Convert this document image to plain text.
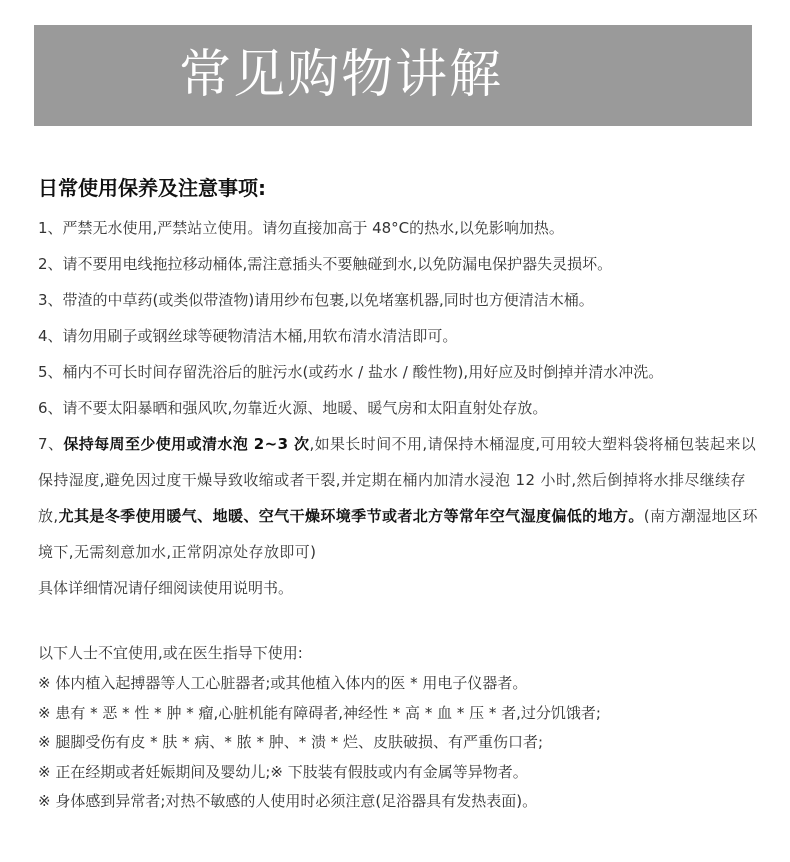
常见购物讲解
日常使用保养及注意事项:
1、严禁无水使用,严禁站立使用。请勿直接加高于 48°C的热水,以免影响加热。
2、请不要用电线拖拉移动桶体,需注意插头不要触碰到水,以免防漏电保护器失灵损坏。
3、带渣的中草药(或类似带渣物)请用纱布包裹,以免堵塞机器,同时也方便清洁木桶。
4、请勿用刷子或钢丝球等硬物清洁木桶,用软布清水清洁即可。
5、桶内不可长时间存留洗浴后的脏污水(或药水 / 盐水 / 酸性物),用好应及时倒掉并清水冲洗。
6、请不要太阳暴晒和强风吹,勿靠近火源、地暖、暖气房和太阳直射处存放。
7、保持每周至少使用或清水泡 2~3 次,如果长时间不用,请保持木桶湿度,可用较大塑料袋将桶包装起来以保持湿度,避免因过度干燥导致收缩或者干裂,并定期在桶内加清水浸泡 12 小时,然后倒掉将水排尽继续存放,尤其是冬季使用暖气、地暖、空气干燥环境季节或者北方等常年空气湿度偏低的地方。(南方潮湿地区环境下,无需刻意加水,正常阴凉处存放即可)
具体详细情况请仔细阅读使用说明书。
以下人士不宜使用,或在医生指导下使用:
※ 体内植入起搏器等人工心脏器者;或其他植入体内的医 * 用电子仪器者。
※ 患有 * 恶 * 性 * 肿 * 瘤,心脏机能有障碍者,神经性 * 高 * 血 * 压 * 者,过分饥饿者;
※ 腿脚受伤有皮 * 肤 * 病、* 脓 * 肿、* 溃 * 烂、皮肤破损、有严重伤口者;
※ 正在经期或者妊娠期间及婴幼儿;※ 下肢装有假肢或内有金属等异物者。
※ 身体感到异常者;对热不敏感的人使用时必须注意(足浴器具有发热表面)。
